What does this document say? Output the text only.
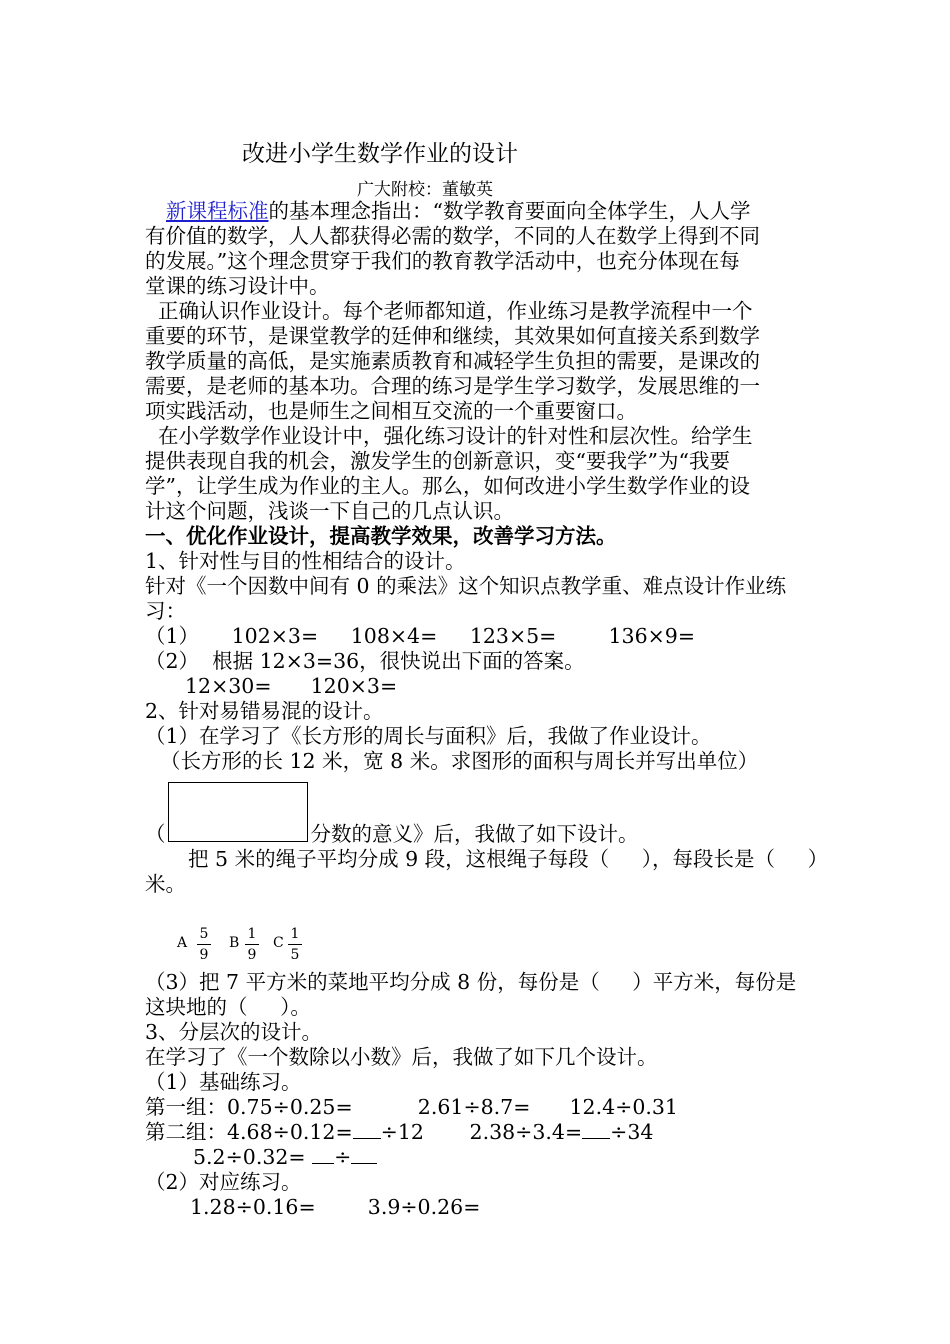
改进小学生数学作业的设计
广大附校：董敏英
新课程标准的基本理念指出：“数学教育要面向全体学生，人人学
有价值的数学，人人都获得必需的数学，不同的人在数学上得到不同
的发展。”这个理念贯穿于我们的教育教学活动中，也充分体现在每
堂课的练习设计中。
正确认识作业设计。每个老师都知道，作业练习是教学流程中一个
重要的环节，是课堂教学的廷伸和继续，其效果如何直接关系到数学
教学质量的高低，是实施素质教育和减轻学生负担的需要，是课改的
需要，是老师的基本功。合理的练习是学生学习数学，发展思维的一
项实践活动，也是师生之间相互交流的一个重要窗口。
在小学数学作业设计中，强化练习设计的针对性和层次性。给学生
提供表现自我的机会，激发学生的创新意识，变“要我学”为“我要
学”，让学生成为作业的主人。那么，如何改进小学生数学作业的设
计这个问题，浅谈一下自己的几点认识。
一、优化作业设计，提高教学效果，改善学习方法。
1、针对性与目的性相结合的设计。
针对《一个因数中间有 0 的乘法》这个知识点教学重、难点设计作业练
习：
（1）     102×3=     108×4=     123×5=        136×9=
（2）  根据 12×3=36，很快说出下面的答案。
12×30=      120×3=
2、针对易错易混的设计。
（1）在学习了《长方形的周长与面积》后，我做了作业设计。
（长方形的长 12 米，宽 8 米。求图形的面积与周长并写出单位）
（	分数的意义》后，我做了如下设计。
把 5 米的绳子平均分成 9 段，这根绳子每段（     ），每段长是（     ）
米。
A
5
9
B
1
9
C
1
5
（3）把 7 平方米的菜地平均分成 8 份，每份是（     ）平方米，每份是
这块地的（     ）。
3、分层次的设计。
在学习了《一个数除以小数》后，我做了如下几个设计。
（1）基础练习。
第一组：0.75÷0.25=          2.61÷8.7=      12.4÷0.31
第二组：4.68÷0.12= ÷12       2.38÷3.4= ÷34
5.2÷0.32= ÷
（2）对应练习。
1.28÷0.16=        3.9÷0.26=
